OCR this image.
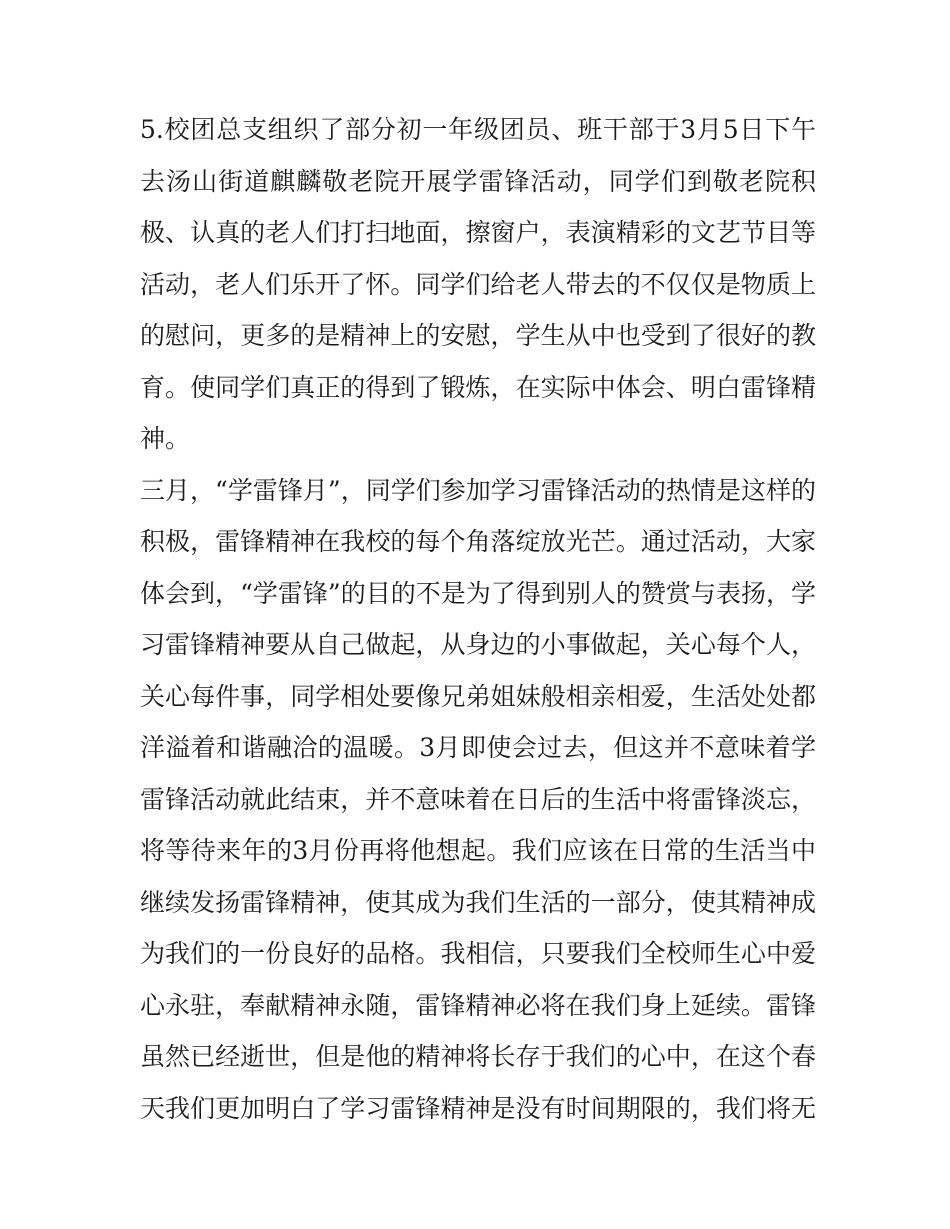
5.校团总支组织了部分初一年级团员、班干部于3月5日下午
去汤山街道麒麟敬老院开展学雷锋活动，同学们到敬老院积
极、认真的老人们打扫地面，擦窗户，表演精彩的文艺节目等
活动，老人们乐开了怀。同学们给老人带去的不仅仅是物质上
的慰问，更多的是精神上的安慰，学生从中也受到了很好的教
育。使同学们真正的得到了锻炼，在实际中体会、明白雷锋精
神。
三月，“学雷锋月”，同学们参加学习雷锋活动的热情是这样的
积极，雷锋精神在我校的每个角落绽放光芒。通过活动，大家
体会到，“学雷锋”的目的不是为了得到别人的赞赏与表扬，学
习雷锋精神要从自己做起，从身边的小事做起，关心每个人，
关心每件事，同学相处要像兄弟姐妹般相亲相爱，生活处处都
洋溢着和谐融洽的温暖。3月即使会过去，但这并不意味着学
雷锋活动就此结束，并不意味着在日后的生活中将雷锋淡忘，
将等待来年的3月份再将他想起。我们应该在日常的生活当中
继续发扬雷锋精神，使其成为我们生活的一部分，使其精神成
为我们的一份良好的品格。我相信，只要我们全校师生心中爱
心永驻，奉献精神永随，雷锋精神必将在我们身上延续。雷锋
虽然已经逝世，但是他的精神将长存于我们的心中，在这个春
天我们更加明白了学习雷锋精神是没有时间期限的，我们将无
